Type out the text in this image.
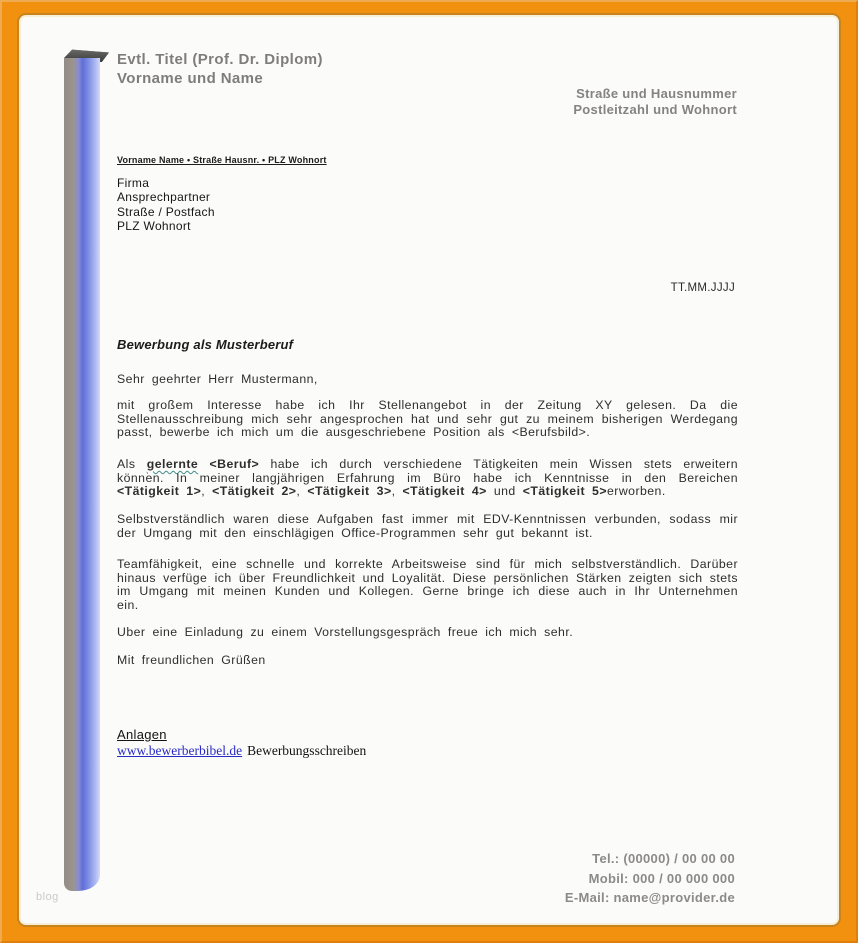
Evtl. Titel (Prof. Dr. Diplom)
Vorname und Name
Straße und Hausnummer
Postleitzahl und Wohnort
Vorname Name • Straße Hausnr. • PLZ Wohnort
Firma
Ansprechpartner
Straße / Postfach
PLZ Wohnort
TT.MM.JJJJ
Bewerbung als Musterberuf
Sehr geehrter Herr Mustermann,
mit großem Interesse habe ich Ihr Stellenangebot in der Zeitung XY gelesen. Da die Stellenausschreibung mich sehr angesprochen hat und sehr gut zu meinem bisherigen Werdegang passt, bewerbe ich mich um die ausgeschriebene Position als <Berufsbild>.
Als gelernte <Beruf> habe ich durch verschiedene Tätigkeiten mein Wissen stets erweitern können. In meiner langjährigen Erfahrung im Büro habe ich Kenntnisse in den Bereichen <Tätigkeit 1>, <Tätigkeit 2>, <Tätigkeit 3>, <Tätigkeit 4> und <Tätigkeit 5>erworben.
Selbstverständlich waren diese Aufgaben fast immer mit EDV-Kenntnissen verbunden, sodass mir der Umgang mit den einschlägigen Office-Programmen sehr gut bekannt ist.
Teamfähigkeit, eine schnelle und korrekte Arbeitsweise sind für mich selbstverständlich. Darüber hinaus verfüge ich über Freundlichkeit und Loyalität. Diese persönlichen Stärken zeigten sich stets im Umgang mit meinen Kunden und Kollegen. Gerne bringe ich diese auch in Ihr Unternehmen ein.
Uber eine Einladung zu einem Vorstellungsgespräch freue ich mich sehr.
Mit freundlichen Grüßen
Anlagen
www.bewerberbibel.de Bewerbungsschreiben
Tel.: (00000) / 00 00 00
Mobil: 000 / 00 000 000
E-Mail: name@provider.de
blog
